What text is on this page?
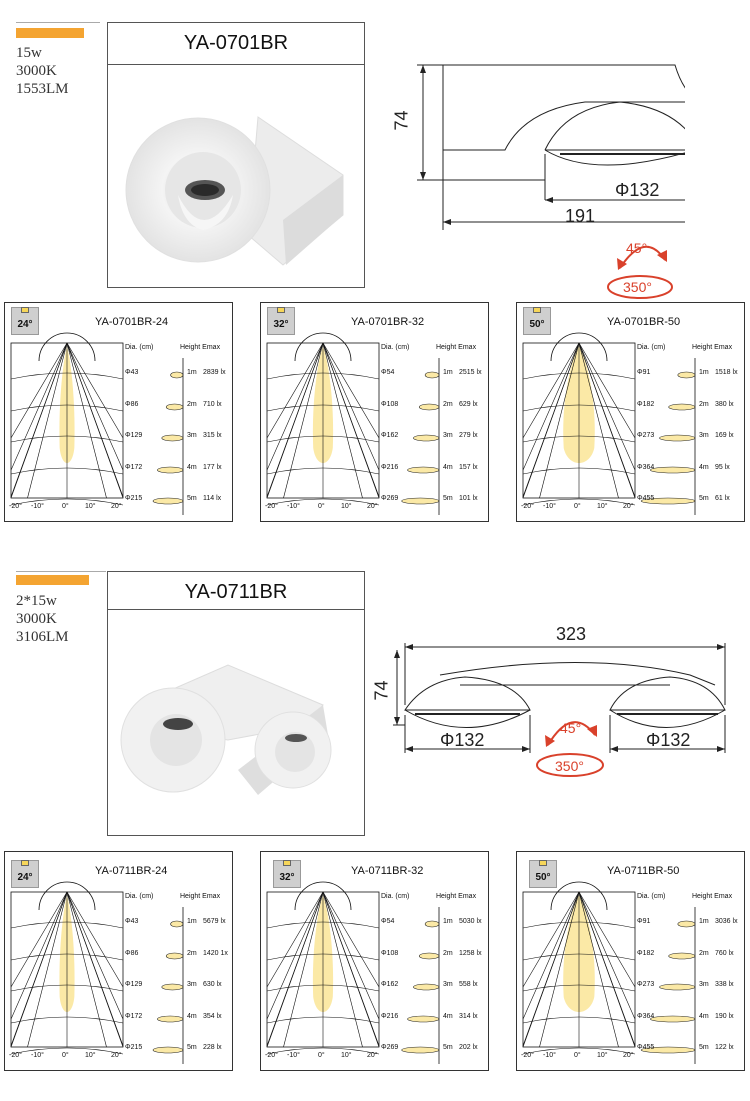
15w
3000K
1553LM
YA-0701BR
74
Φ132
191
45°
350°
24°	YA-0701BR-24
Dia. (cm)	Height Emax
Φ43	1m 2839 lx
Φ86	2m 710 lx
Φ129	3m 315 lx
Φ172	4m 177 lx
Φ215	5m 114 lx
-20° -10°	0° 10° 20°
32°	YA-0701BR-32
Dia. (cm)	Height Emax
Φ54	1m 2515 lx
Φ108	2m 629 lx
Φ162	3m 279 lx
Φ216	4m 157 lx
Φ269	5m 101 lx
-20° -10°	0° 10° 20°
50°	YA-0701BR-50
Dia. (cm)	Height Emax
Φ91	1m 1518 lx
Φ182	2m 380 lx
Φ273	3m 169 lx
Φ364	4m 95 lx
Φ455	5m 61 lx
-20° -10°	0° 10° 20°
2*15w
3000K
3106LM
YA-0711BR
323
74
Φ132	Φ132
45°
350°
24°
YA-0711BR-24
Dia. (cm)	Height Emax
Φ43	1m 5679 lx
Φ86	2m 1420 1x
Φ129	3m 630 lx
Φ172	4m 354 lx
Φ215	5m 228 lx
-20° -10°	0° 10° 20°
32°
YA-0711BR-32
Dia. (cm)	Height Emax
Φ54	1m 5030 lx
Φ108	2m 1258 lx
Φ162	3m 558 lx
Φ216	4m 314 lx
Φ269	5m 202 lx
-20° -10°	0° 10° 20°
50°
YA-0711BR-50
Dia. (cm)	Height Emax
Φ91	1m 3036 lx
Φ182	2m 760 lx
Φ273	3m 338 lx
Φ364	4m 190 lx
Φ455	5m 122 lx
-20° -10°	0° 10° 20°
